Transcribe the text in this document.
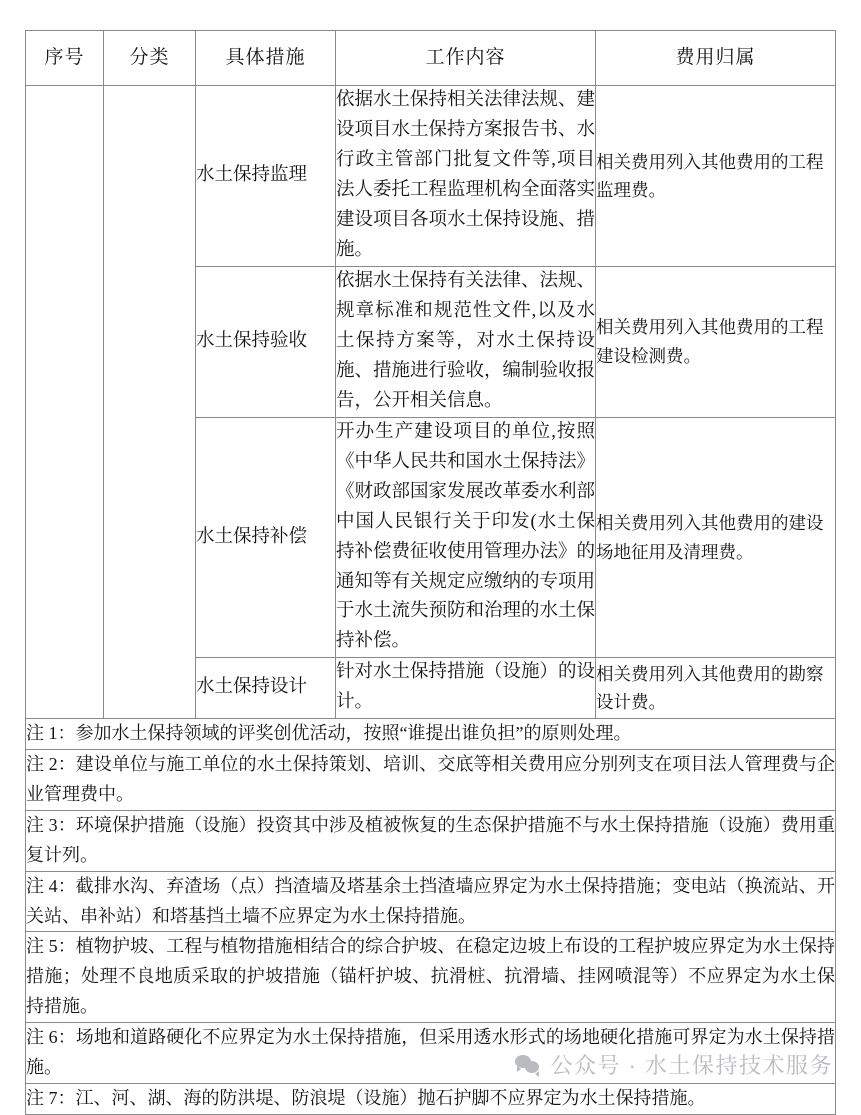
序号	分类	具体措施	工作内容	费用归属
		水土保持监理	依据水土保持相关法律法规、建设项目水土保持方案报告书、水行政主管部门批复文件等,项目法人委托工程监理机构全面落实建设项目各项水土保持设施、措施。	相关费用列入其他费用的工程监理费。
		水土保持验收	依据水土保持有关法律、法规、规章标准和规范性文件,以及水土保持方案等，对水土保持设施、措施进行验收，编制验收报告，公开相关信息。	相关费用列入其他费用的工程建设检测费。
		水土保持补偿	开办生产建设项目的单位,按照《中华人民共和国水土保持法》《财政部国家发展改革委水利部中国人民银行关于印发(水土保持补偿费征收使用管理办法》的通知等有关规定应缴纳的专项用于水土流失预防和治理的水土保持补偿。	相关费用列入其他费用的建设场地征用及清理费。
		水土保持设计	针对水土保持措施（设施）的设计。	相关费用列入其他费用的勘察设计费。
注 1：参加水土保持领域的评奖创优活动，按照“谁提出谁负担”的原则处理。				
注 2：建设单位与施工单位的水土保持策划、培训、交底等相关费用应分别列支在项目法人管理费与企业管理费中。				
注 3：环境保护措施（设施）投资其中涉及植被恢复的生态保护措施不与水土保持措施（设施）费用重复计列。				
注 4：截排水沟、弃渣场（点）挡渣墙及塔基余土挡渣墙应界定为水土保持措施；变电站（换流站、开关站、串补站）和塔基挡土墙不应界定为水土保持措施。				
注 5：植物护坡、工程与植物措施相结合的综合护坡、在稳定边坡上布设的工程护坡应界定为水土保持措施；处理不良地质采取的护坡措施（锚杆护坡、抗滑桩、抗滑墙、挂网喷混等）不应界定为水土保持措施。				
注 6：场地和道路硬化不应界定为水土保持措施，但采用透水形式的场地硬化措施可界定为水土保持措施。				
注 7：江、河、湖、海的防洪堤、防浪堤（设施）抛石护脚不应界定为水土保持措施。				
公众号 · 水土保持技术服务
